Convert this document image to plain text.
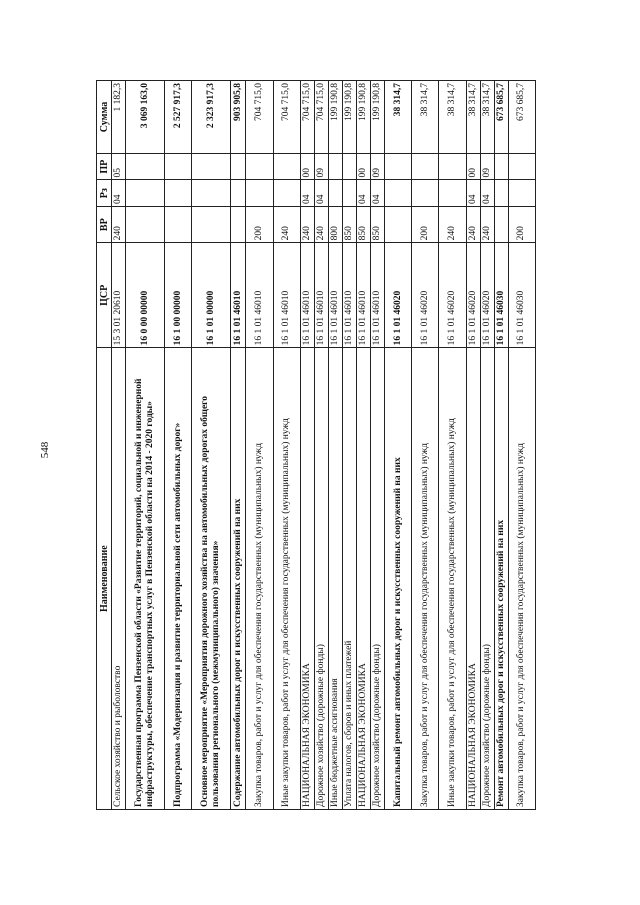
548
Наименование	ЦСР	ВР	Рз	ПР	Сумма
Сельское хозяйство и рыболовство	15 3 01 20610	240	04	05	1 182,3
Государственная программа Пензенской области «Развитие территорий, социальной и инженерной инфраструктуры, обеспечение транспортных услуг в Пензенской области на 2014 - 2020 годы»	16 0 00 00000				3 069 163,0
Подпрограмма «Модернизация и развитие территориальной сети автомобильных дорог»	16 1 00 00000				2 527 917,3
Основное мероприятие «Мероприятия дорожного хозяйства на автомобильных дорогах общего пользования регионального (межмуниципального) значения»	16 1 01 00000				2 323 917,3
Содержание автомобильных дорог и искусственных сооружений на них	16 1 01 46010				903 905,8
Закупка товаров, работ и услуг для обеспечения государственных (муниципальных) нужд	16 1 01 46010	200			704 715,0
Иные закупки товаров, работ и услуг для обеспечения государственных (муниципальных) нужд	16 1 01 46010	240			704 715,0
НАЦИОНАЛЬНАЯ ЭКОНОМИКА	16 1 01 46010	240	04	00	704 715,0
Дорожное хозяйство (дорожные фонды)	16 1 01 46010	240	04	09	704 715,0
Иные бюджетные ассигнования	16 1 01 46010	800			199 190,8
Уплата налогов, сборов и иных платежей	16 1 01 46010	850			199 190,8
НАЦИОНАЛЬНАЯ ЭКОНОМИКА	16 1 01 46010	850	04	00	199 190,8
Дорожное хозяйство (дорожные фонды)	16 1 01 46010	850	04	09	199 190,8
Капитальный ремонт автомобильных дорог и искусственных сооружений на них	16 1 01 46020				38 314,7
Закупка товаров, работ и услуг для обеспечения государственных (муниципальных) нужд	16 1 01 46020	200			38 314,7
Иные закупки товаров, работ и услуг для обеспечения государственных (муниципальных) нужд	16 1 01 46020	240			38 314,7
НАЦИОНАЛЬНАЯ ЭКОНОМИКА	16 1 01 46020	240	04	00	38 314,7
Дорожное хозяйство (дорожные фонды)	16 1 01 46020	240	04	09	38 314,7
Ремонт автомобильных дорог и искусственных сооружений на них	16 1 01 46030				673 685,7
Закупка товаров, работ и услуг для обеспечения государственных (муниципальных) нужд	16 1 01 46030	200			673 685,7
